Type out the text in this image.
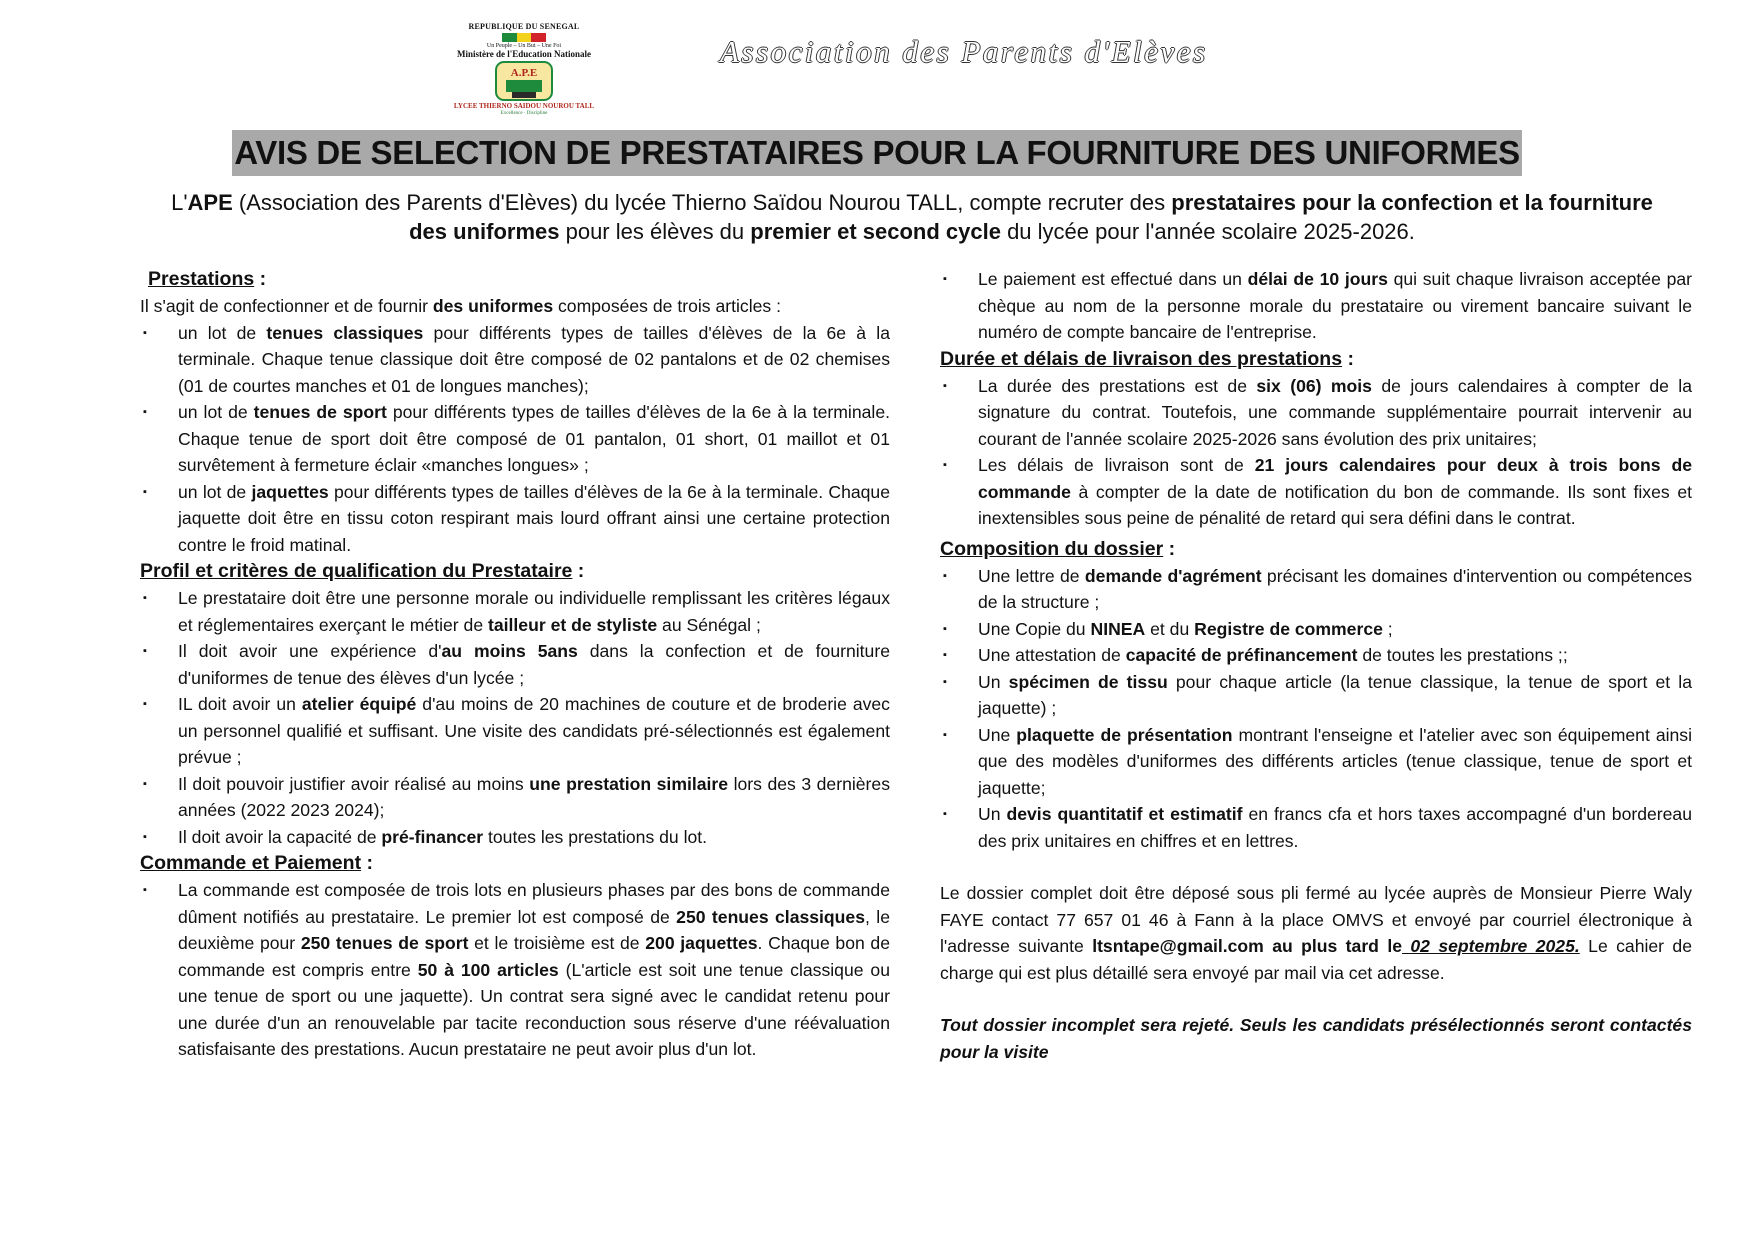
REPUBLIQUE DU SENEGAL
Un Peuple – Un But – Une Foi
Ministère de l'Education Nationale
A.P.E
LYCEE THIERNO SAIDOU NOUROU TALL
Excellence · Discipline
Association des Parents d'Elèves
AVIS DE SELECTION DE PRESTATAIRES POUR LA FOURNITURE DES UNIFORMES
L'APE (Association des Parents d'Elèves) du lycée Thierno Saïdou Nourou TALL, compte recruter des prestataires pour la confection et la fourniture des uniformes pour les élèves du premier et second cycle du lycée pour l'année scolaire 2025-2026.
Prestations :
Il s'agit de confectionner et de fournir des uniformes composées de trois articles :
▪ un lot de tenues classiques pour différents types de tailles d'élèves de la 6e à la terminale. Chaque tenue classique doit être composé de 02 pantalons et de 02 chemises (01 de courtes manches et 01 de longues manches);
▪ un lot de tenues de sport pour différents types de tailles d'élèves de la 6e à la terminale. Chaque tenue de sport doit être composé de 01 pantalon, 01 short, 01 maillot et 01 survêtement à fermeture éclair «manches longues» ;
▪ un lot de jaquettes pour différents types de tailles d'élèves de la 6e à la terminale. Chaque jaquette doit être en tissu coton respirant mais lourd offrant ainsi une certaine protection contre le froid matinal.
Profil et critères de qualification du Prestataire :
▪ Le prestataire doit être une personne morale ou individuelle remplissant les critères légaux et réglementaires exerçant le métier de tailleur et de styliste au Sénégal ;
▪ Il doit avoir une expérience d'au moins 5ans dans la confection et de fourniture d'uniformes de tenue des élèves d'un lycée ;
▪ IL doit avoir un atelier équipé d'au moins de 20 machines de couture et de broderie avec un personnel qualifié et suffisant. Une visite des candidats pré-sélectionnés est également prévue ;
▪ Il doit pouvoir justifier avoir réalisé au moins une prestation similaire lors des 3 dernières années (2022 2023 2024);
▪ Il doit avoir la capacité de pré-financer toutes les prestations du lot.
Commande et Paiement :
▪ La commande est composée de trois lots en plusieurs phases par des bons de commande dûment notifiés au prestataire. Le premier lot est composé de 250 tenues classiques, le deuxième pour 250 tenues de sport et le troisième est de 200 jaquettes. Chaque bon de commande est compris entre 50 à 100 articles (L'article est soit une tenue classique ou une tenue de sport ou une jaquette). Un contrat sera signé avec le candidat retenu pour une durée d'un an renouvelable par tacite reconduction sous réserve d'une réévaluation satisfaisante des prestations. Aucun prestataire ne peut avoir plus d'un lot.
▪ Le paiement est effectué dans un délai de 10 jours qui suit chaque livraison acceptée par chèque au nom de la personne morale du prestataire ou virement bancaire suivant le numéro de compte bancaire de l'entreprise.
Durée et délais de livraison des prestations :
▪ La durée des prestations est de six (06) mois de jours calendaires à compter de la signature du contrat. Toutefois, une commande supplémentaire pourrait intervenir au courant de l'année scolaire 2025-2026 sans évolution des prix unitaires;
▪ Les délais de livraison sont de 21 jours calendaires pour deux à trois bons de commande à compter de la date de notification du bon de commande. Ils sont fixes et inextensibles sous peine de pénalité de retard qui sera défini dans le contrat.
Composition du dossier :
▪ Une lettre de demande d'agrément précisant les domaines d'intervention ou compétences de la structure ;
▪ Une Copie du NINEA et du Registre de commerce ;
▪ Une attestation de capacité de préfinancement de toutes les prestations ;;
▪ Un spécimen de tissu pour chaque article (la tenue classique, la tenue de sport et la jaquette) ;
▪ Une plaquette de présentation montrant l'enseigne et l'atelier avec son équipement ainsi que des modèles d'uniformes des différents articles (tenue classique, tenue de sport et jaquette;
▪ Un devis quantitatif et estimatif en francs cfa et hors taxes accompagné d'un bordereau des prix unitaires en chiffres et en lettres.
Le dossier complet doit être déposé sous pli fermé au lycée auprès de Monsieur Pierre Waly FAYE contact 77 657 01 46 à Fann à la place OMVS et envoyé par courriel électronique à l'adresse suivante ltsntape@gmail.com au plus tard le 02 septembre 2025. Le cahier de charge qui est plus détaillé sera envoyé par mail via cet adresse.
Tout dossier incomplet sera rejeté. Seuls les candidats présélectionnés seront contactés pour la visite
